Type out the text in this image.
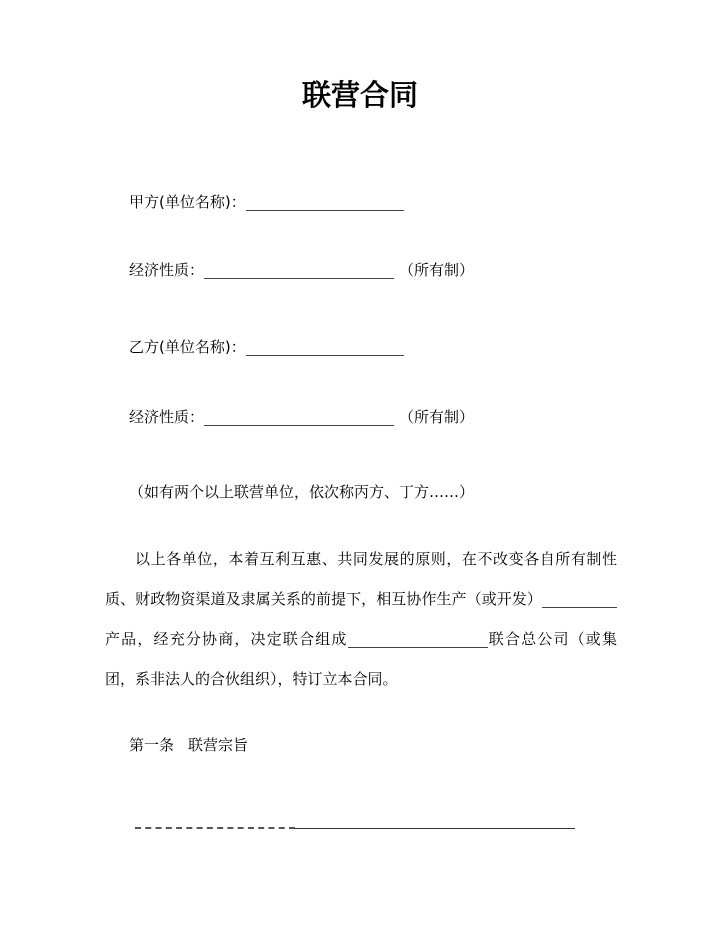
联营合同
甲方(单位名称)：
经济性质：	（所有制）
乙方(单位名称)：
经济性质：	（所有制）
（如有两个以上联营单位，依次称丙方、丁方……）

以上各单位，本着互利互惠、共同发展的原则，在不改变各自所有制性质、财政物资渠道及隶属关系的前提下，相互协作生产（或开发）产品，经充分协商，决定联合组成	联合总公司（或集团，系非法人的合伙组织），特订立本合同。

第一条 联营宗旨
